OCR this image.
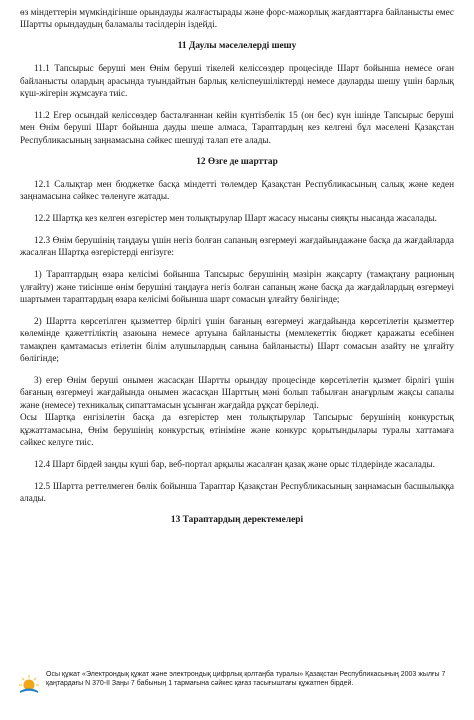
өз міндеттерін мүмкіндігінше орындауды жалғастырады және форс-мажорлық жағдаяттарға байланысты емес Шартты орындаудың баламалы тәсілдерін іздейді.

11 Даулы мәселелерді шешу

11.1 Тапсырыс беруші мен Өнім беруші тікелей келіссөздер процесінде Шарт бойынша немесе оған байланысты олардың арасында туындайтын барлық келіспеушіліктерді немесе дауларды шешу үшін барлық күш-жігерін жұмсауға тиіс.

11.2 Егер осындай келіссөздер басталғаннан кейін күнтізбелік 15 (он бес) күн ішінде Тапсырыс беруші мен Өнім беруші Шарт бойынша дауды шеше алмаса, Тараптардың кез келгені бұл мәселені Қазақстан Республикасының заңнамасына сәйкес шешуді талап ете алады.

12 Өзге де шарттар

12.1 Салықтар мен бюджетке басқа міндетті төлемдер Қазақстан Республикасының салық және кеден заңнамасына сәйкес төленуге жатады.

12.2 Шартқа кез келген өзгерістер мен толықтырулар Шарт жасасу нысаны сияқты нысанда жасалады.

12.3 Өнім берушінің таңдауы үшін негіз болған сапаның өзгермеуі жағдайындажәне басқа да жағдайларда жасалған Шартқа өзгерістерді енгізуге:

1) Тараптардың өзара келісімі бойынша Тапсырыс берушінің мәзірін жақсарту (тамақтану рационың үлғайту) және тиісінше өнім берушіні таңдауға негіз болған сапаның және басқа да жағдайлардың өзгермеуі шартымен тараптардың өзара келісімі бойынша шарт сомасын ұлғайту бөлігінде;

2) Шартта көрсетілген қызметтер бірлігі үшін бағаның өзгермеуі жағдайында көрсетілетін қызметтер көлемінде қажеттіліктің азаюына немесе артуына байланысты (мемлекеттік бюджет қаражаты есебінен тамақпен қамтамасыз етілетін білім алушылардың санына байланысты) Шарт сомасын азайту не ұлғайту бөлігінде;

3) егер Өнім беруші онымен жасасқан Шартты орындау процесінде көрсетілетін қызмет бірлігі үшін бағаның өзгермеуі жағдайында онымен жасасқан Шарттың мәні болып табылған анағұрлым жақсы сапалы және (немесе) техникалық сипаттамасын ұсынған жағдайда рұқсат беріледі.

Осы Шартқа енгізілетін басқа да өзгерістер мен толықтырулар Тапсырыс берушінің конкурстық құжаттамасына, Өнім берушінің конкурстық өтініміне және конкурс қорытындылары туралы хаттамаға сәйкес келуге тиіс.

12.4 Шарт бірдей заңды күші бар, веб-портал арқылы жасалған қазақ және орыс тілдерінде жасалады.

12.5 Шартта реттелмеген бөлік бойынша Тараптар Қазақстан Республикасының заңнамасын басшылыққа алады.

13 Тараптардың деректемелері
Осы құжат «Электрондық құжат және электрондық цифрлық қолтаңба туралы» Қазақстан Республикасының 2003 жылғы 7 қаңтардағы N 370-II Заңы 7 бабының 1 тармағына сәйкес қағаз тасығыштағы құжатпен бірдей.
